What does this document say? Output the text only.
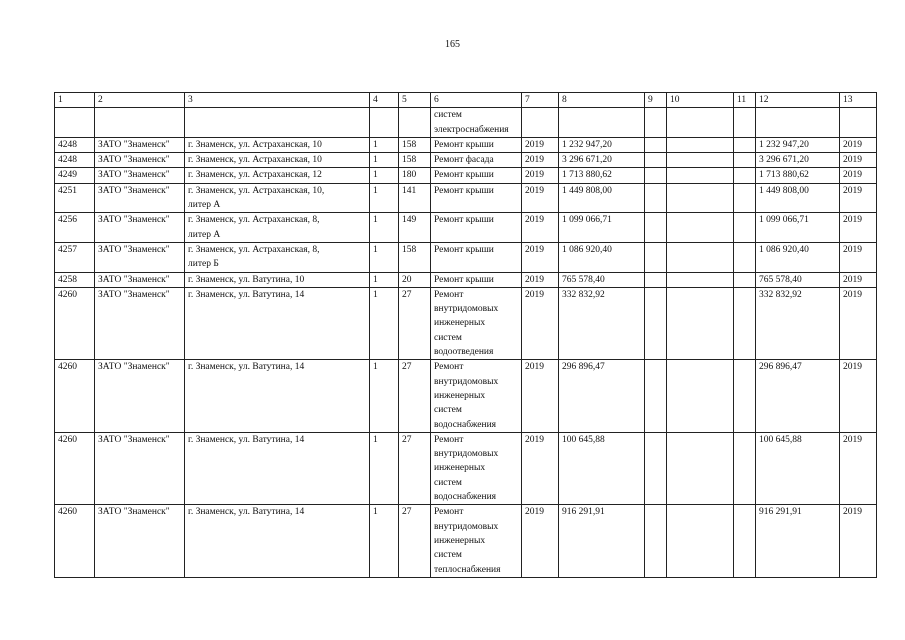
165
1	2	3	4	5	6	7	8	9	10	11	12	13

					систем
электроснабжения							

4248	ЗАТО "Знаменск"	г. Знаменск, ул. Астраханская, 10	1	158	Ремонт крыши	2019	1 232 947,20				1 232 947,20	2019
4248	ЗАТО "Знаменск"	г. Знаменск, ул. Астраханская, 10	1	158	Ремонт фасада	2019	3 296 671,20				3 296 671,20	2019
4249	ЗАТО "Знаменск"	г. Знаменск, ул. Астраханская, 12	1	180	Ремонт крыши	2019	1 713 880,62				1 713 880,62	2019
4251	ЗАТО "Знаменск"	г. Знаменск, ул. Астраханская, 10,
литер А	1	141	Ремонт крыши	2019	1 449 808,00				1 449 808,00	2019
4256	ЗАТО "Знаменск"	г. Знаменск, ул. Астраханская, 8,
литер А	1	149	Ремонт крыши	2019	1 099 066,71				1 099 066,71	2019
4257	ЗАТО "Знаменск"	г. Знаменск, ул. Астраханская, 8,
литер Б	1	158	Ремонт крыши	2019	1 086 920,40				1 086 920,40	2019
4258	ЗАТО "Знаменск"	г. Знаменск, ул. Ватутина, 10	1	20	Ремонт крыши	2019	765 578,40				765 578,40	2019
4260	ЗАТО "Знаменск"	г. Знаменск, ул. Ватутина, 14	1	27	Ремонт
внутридомовых
инженерных
систем
водоотведения	2019	332 832,92				332 832,92	2019
4260	ЗАТО "Знаменск"	г. Знаменск, ул. Ватутина, 14	1	27	Ремонт
внутридомовых
инженерных
систем
водоснабжения	2019	296 896,47				296 896,47	2019
4260	ЗАТО "Знаменск"	г. Знаменск, ул. Ватутина, 14	1	27	Ремонт
внутридомовых
инженерных
систем
водоснабжения	2019	100 645,88				100 645,88	2019
4260	ЗАТО "Знаменск"	г. Знаменск, ул. Ватутина, 14	1	27	Ремонт
внутридомовых
инженерных
систем
теплоснабжения	2019	916 291,91				916 291,91	2019
